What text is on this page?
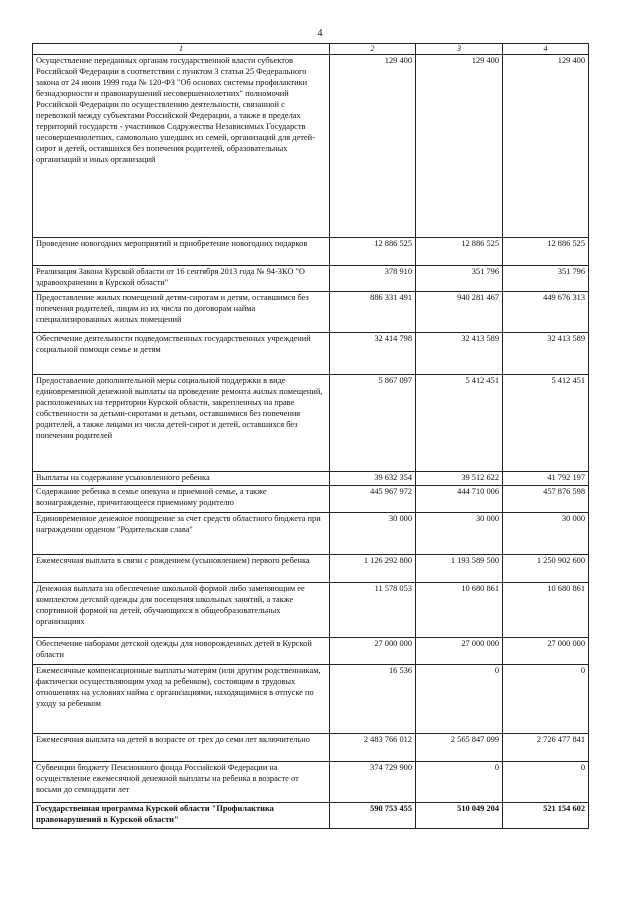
4
1	2	3	4
Осуществление переданных органам государственной власти субъектов Российской Федерации в соответствии с пунктом 3 статьи 25 Федерального закона от 24 июня 1999 года № 120-ФЗ "Об основах системы профилактики безнадзорности и правонарушений несовершеннолетних" полномочий Российской Федерации по осуществлению деятельности, связанной с перевозкой между субъектами Российской Федерации, а также в пределах территорий государств - участников Содружества Независимых Государств несовершеннолетних, самовольно ушедших из семей, организаций для детей-сирот и детей, оставшихся без попечения родителей, образовательных организаций и иных организаций	129 400	129 400	129 400
Проведение новогодних мероприятий и приобретение новогодних подарков	12 886 525	12 886 525	12 886 525
Реализация Закона Курской области от 16 сентября 2013 года № 94-ЗКО "О здравоохранении в Курской области"	378 910	351 796	351 796
Предоставление жилых помещений детям-сиротам и детям, оставшимся без попечения родителей, лицам из их числа по договорам найма специализированных жилых помещений	886 331 491	940 281 467	449 676 313
Обеспечение деятельности подведомственных государственных учреждений социальной помощи семье и детям	32 414 798	32 413 589	32 413 589
Предоставление дополнительной меры социальной поддержки в виде единовременной денежной выплаты на проведение ремонта жилых помещений, расположенных на территории Курской области, закрепленных на праве собственности за детьми-сиротами и детьми, оставшимися без попечения родителей, а также лицами из числа детей-сирот и детей, оставшихся без попечения родителей	5 867 097	5 412 451	5 412 451
Выплаты на содержание усыновленного ребенка	39 632 354	39 512 622	41 792 197
Содержание ребенка в семье опекуна и приемной семье, а также вознаграждение, причитающееся приемному родителю	445 967 972	444 710 006	457 876 598
Единовременное денежное поощрение за счет средств областного бюджета при награждении орденом "Родительская слава"	30 000	30 000	30 000
Ежемесячная выплата в связи с рождением (усыновлением) первого ребенка	1 126 292 800	1 193 589 500	1 250 902 600
Денежная выплата на обеспечение школьной формой либо заменяющим ее комплектом детской одежды для посещения школьных занятий, а также спортивной формой на детей, обучающихся в общеобразовательных организациях	11 578 053	10 680 861	10 680 861
Обеспечение наборами детской одежды для новорожденных детей в Курской области	27 000 000	27 000 000	27 000 000
Ежемесячные компенсационные выплаты матерям (или другим родственникам, фактически осуществляющим уход за ребенком), состоящим в трудовых отношениях на условиях найма с организациями, находящимися в отпуске по уходу за ребенком	16 536	0	0
Ежемесячная выплата на детей в возрасте от трех до семи лет включительно	2 483 766 012	2 565 847 099	2 726 477 841
Субвенции бюджету Пенсионного фонда Российской Федерации на осуществление ежемесячной денежной выплаты на ребенка в возрасте от восьми до семнадцати лет	374 729 900	0	0
Государственная программа Курской области "Профилактика правонарушений в Курской области"	590 753 455	510 049 204	521 154 602
